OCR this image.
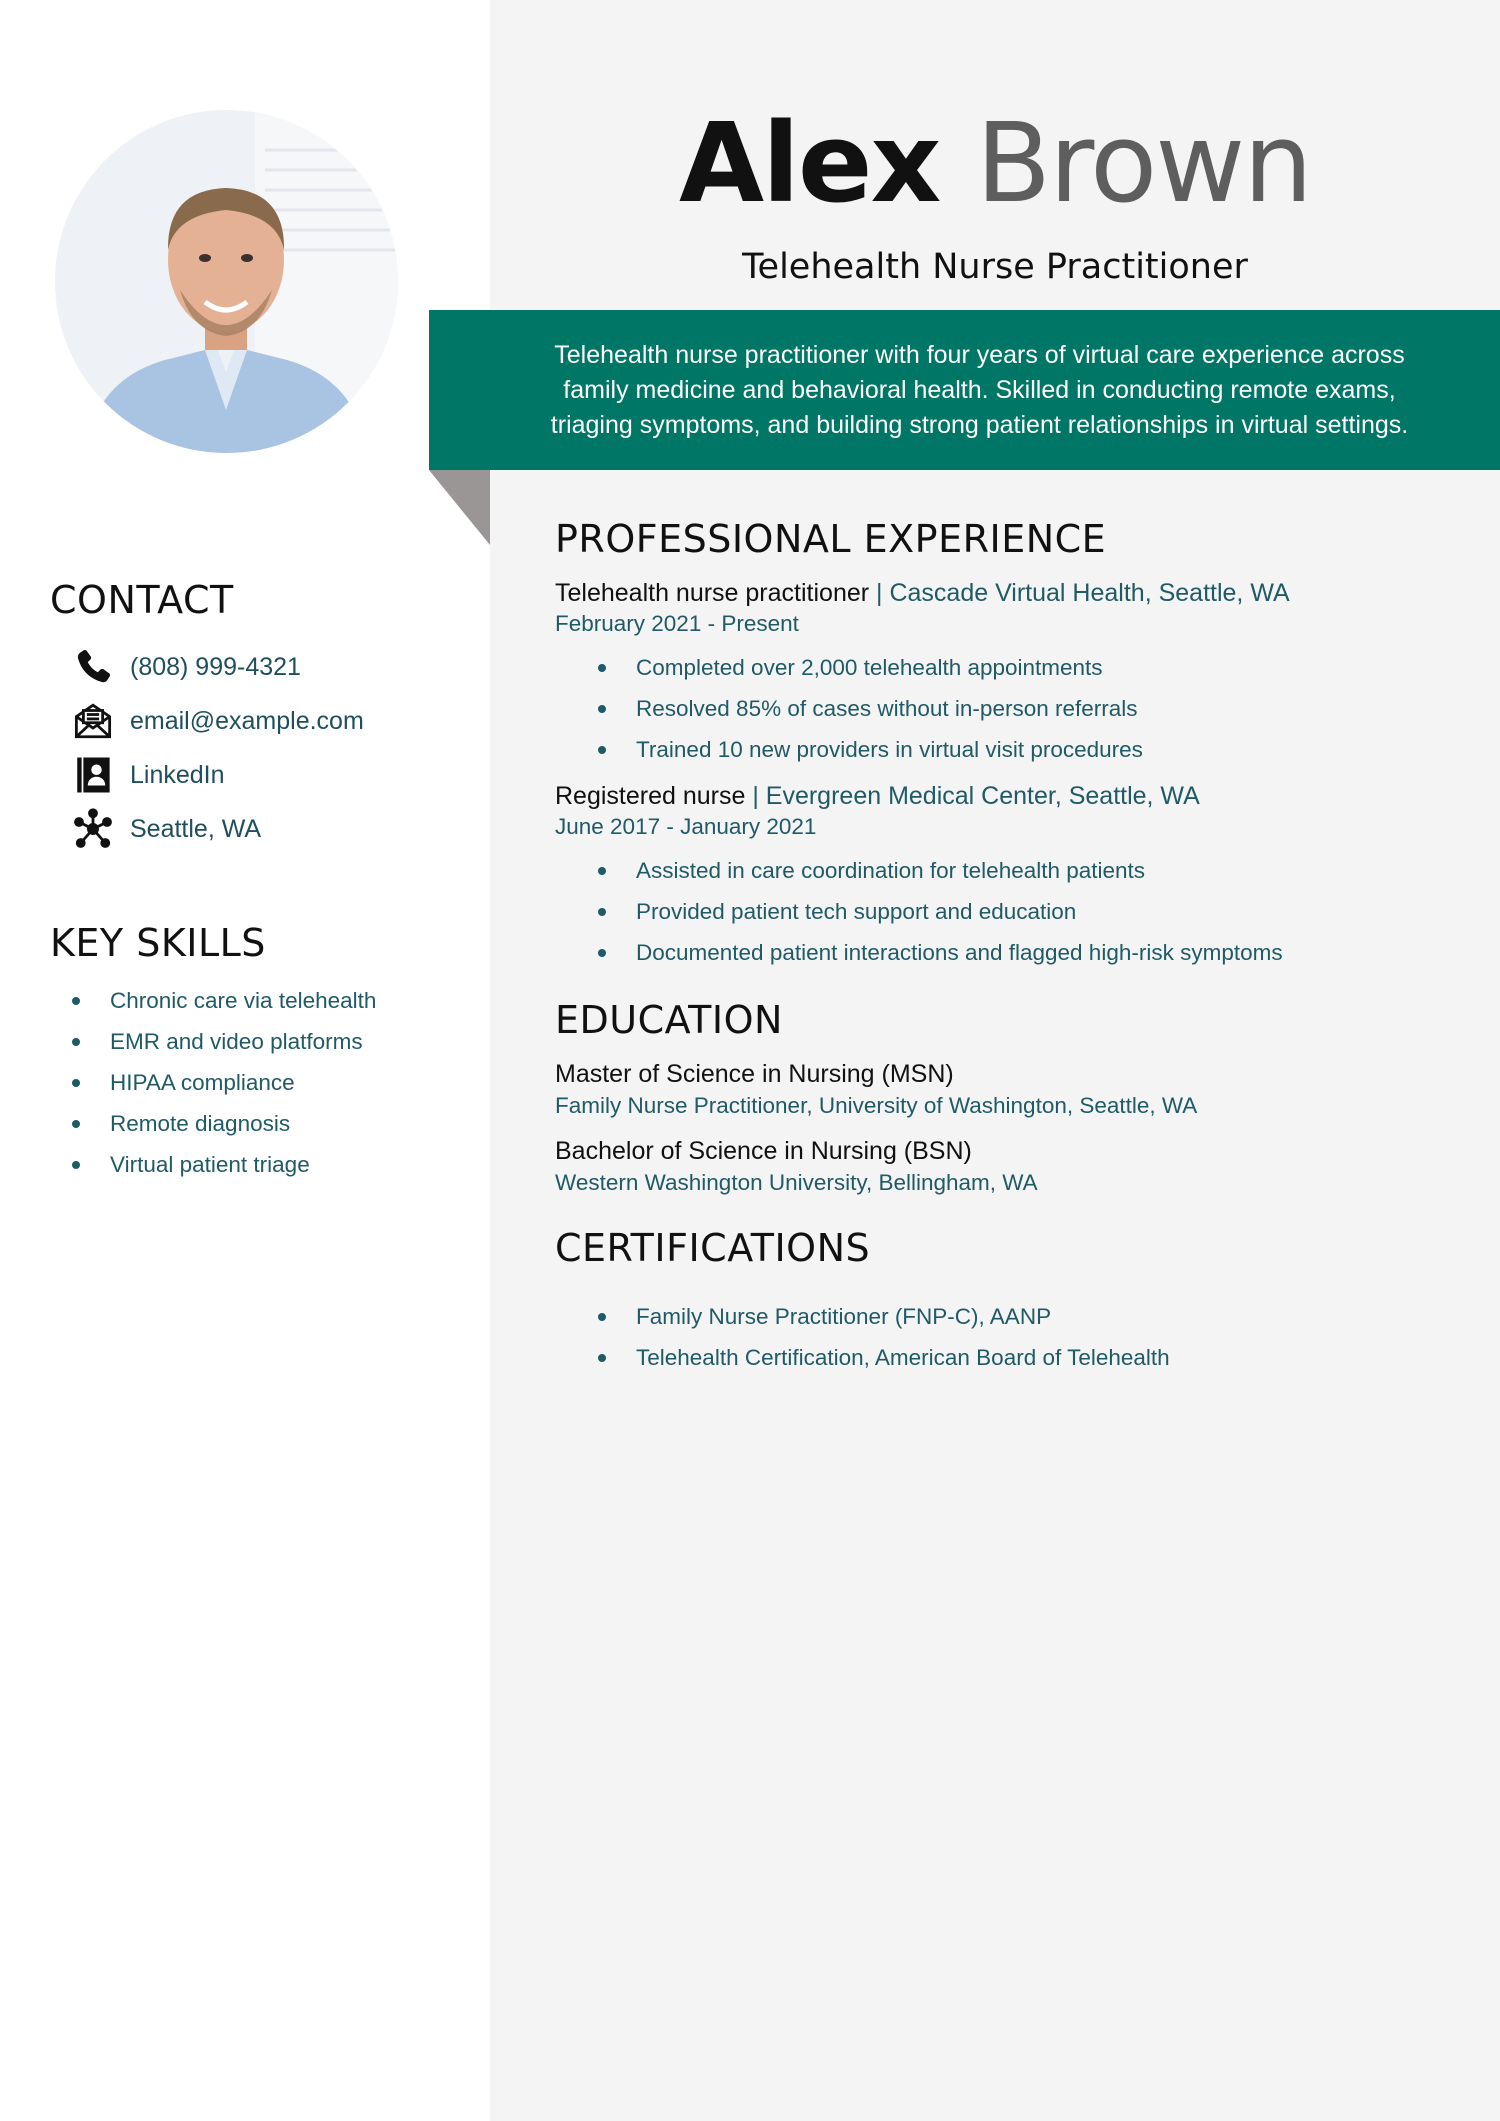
Alex Brown
Telehealth Nurse Practitioner

Telehealth nurse practitioner with four years of virtual care experience across family medicine and behavioral health. Skilled in conducting remote exams, triaging symptoms, and building strong patient relationships in virtual settings.

CONTACT
(808) 999-4321
email@example.com
LinkedIn
Seattle, WA
KEY SKILLS
Chronic care via telehealth
EMR and video platforms
HIPAA compliance
Remote diagnosis
Virtual patient triage
PROFESSIONAL EXPERIENCE
Telehealth nurse practitioner | Cascade Virtual Health, Seattle, WA
February 2021 - Present
Completed over 2,000 telehealth appointments
Resolved 85% of cases without in-person referrals
Trained 10 new providers in virtual visit procedures
Registered nurse | Evergreen Medical Center, Seattle, WA
June 2017 - January 2021
Assisted in care coordination for telehealth patients
Provided patient tech support and education
Documented patient interactions and flagged high-risk symptoms
EDUCATION
Master of Science in Nursing (MSN)
Family Nurse Practitioner, University of Washington, Seattle, WA
Bachelor of Science in Nursing (BSN)
Western Washington University, Bellingham, WA
CERTIFICATIONS
Family Nurse Practitioner (FNP-C), AANP
Telehealth Certification, American Board of Telehealth
